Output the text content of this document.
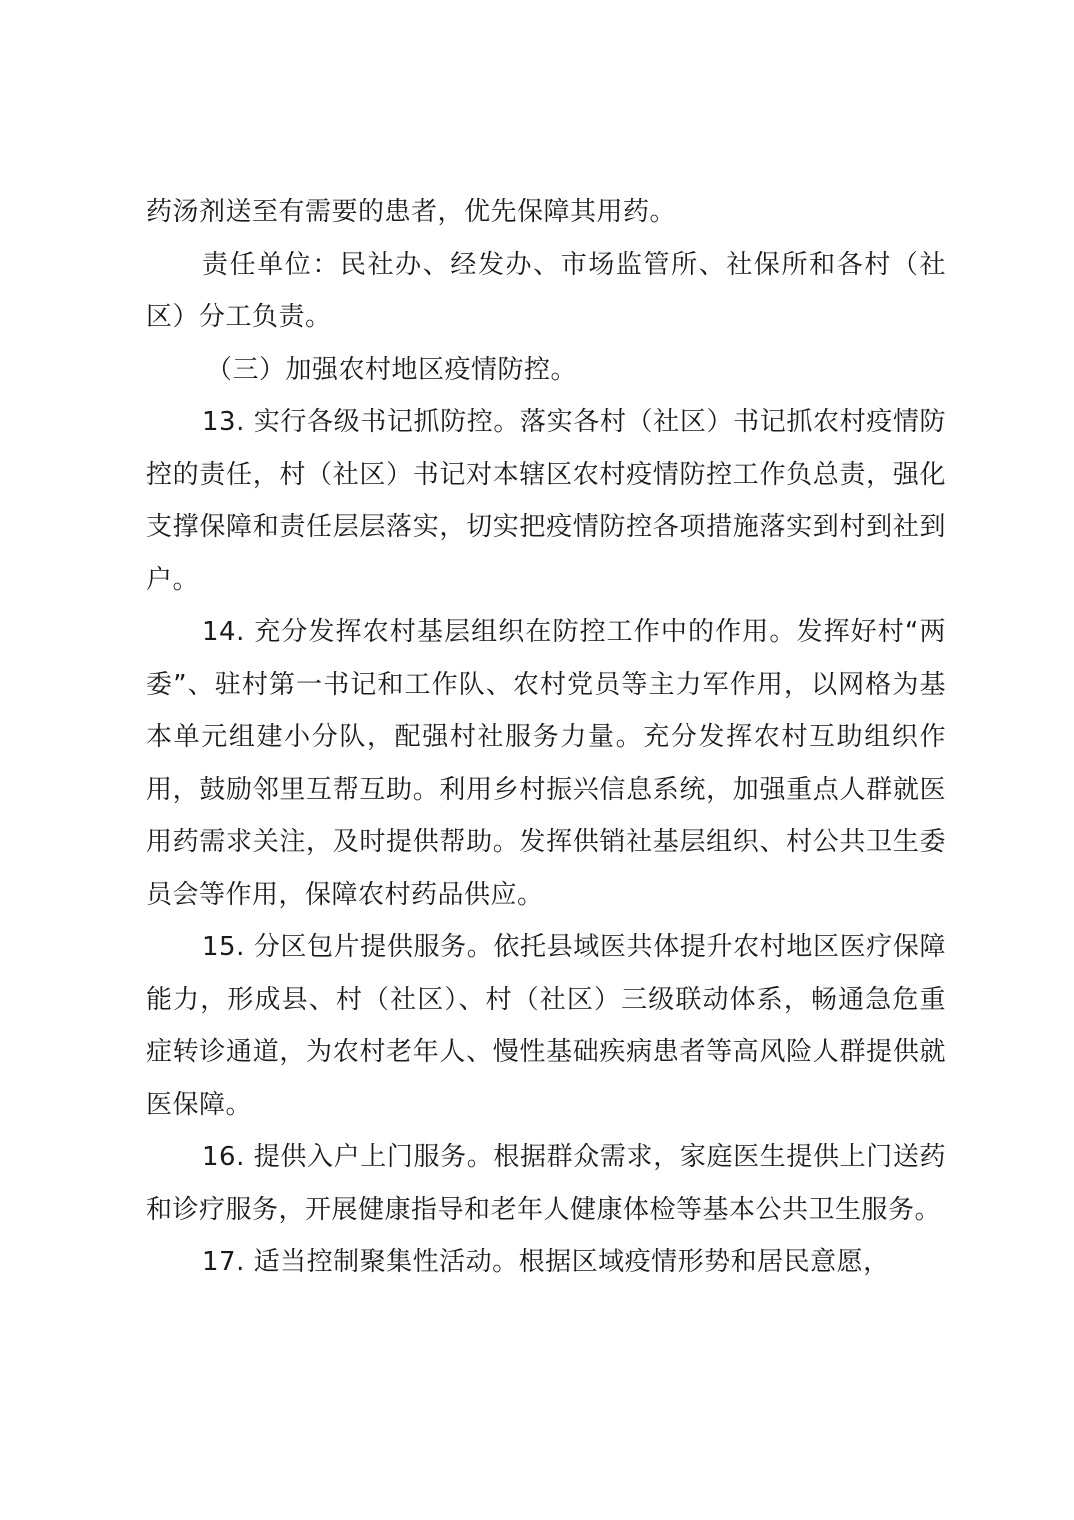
药汤剂送至有需要的患者，优先保障其用药。

责任单位：民社办、经发办、市场监管所、社保所和各村（社区）分工负责。

（三）加强农村地区疫情防控。

13. 实行各级书记抓防控。落实各村（社区）书记抓农村疫情防控的责任，村（社区）书记对本辖区农村疫情防控工作负总责，强化支撑保障和责任层层落实，切实把疫情防控各项措施落实到村到社到户。

14. 充分发挥农村基层组织在防控工作中的作用。发挥好村“两委”、驻村第一书记和工作队、农村党员等主力军作用，以网格为基本单元组建小分队，配强村社服务力量。充分发挥农村互助组织作用，鼓励邻里互帮互助。利用乡村振兴信息系统，加强重点人群就医用药需求关注，及时提供帮助。发挥供销社基层组织、村公共卫生委员会等作用，保障农村药品供应。

15. 分区包片提供服务。依托县域医共体提升农村地区医疗保障能力，形成县、村（社区）、村（社区）三级联动体系，畅通急危重症转诊通道，为农村老年人、慢性基础疾病患者等高风险人群提供就医保障。

16. 提供入户上门服务。根据群众需求，家庭医生提供上门送药和诊疗服务，开展健康指导和老年人健康体检等基本公共卫生服务。

17. 适当控制聚集性活动。根据区域疫情形势和居民意愿，
